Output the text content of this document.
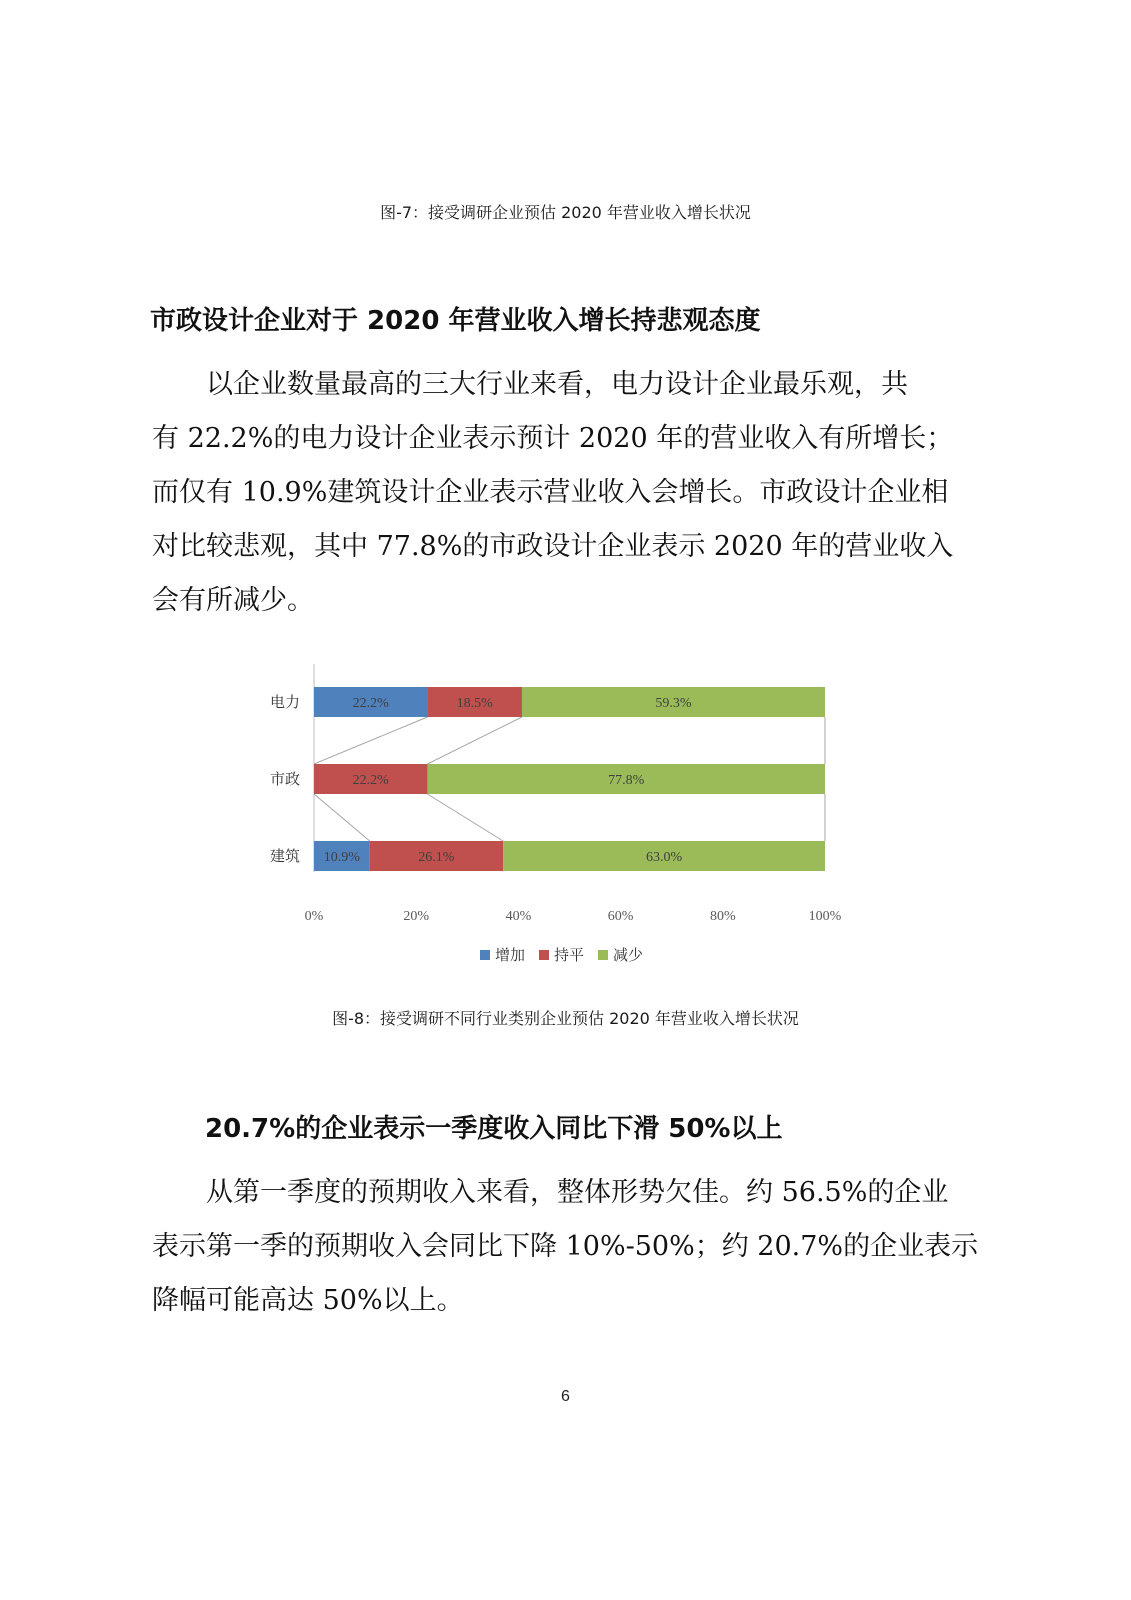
图-7：接受调研企业预估 2020 年营业收入增长状况
市政设计企业对于 2020 年营业收入增长持悲观态度
以企业数量最高的三大行业来看，电力设计企业最乐观，共
有 22.2%的电力设计企业表示预计 2020 年的营业收入有所增长；
而仅有 10.9%建筑设计企业表示营业收入会增长。市政设计企业相
对比较悲观，其中 77.8%的市政设计企业表示 2020 年的营业收入
会有所减少。
电力	22.2%	18.5%	59.3%
市政	22.2%	77.8%
建筑 10.9%	26.1%	63.0%
0%	20%	40%	60%	80%	100%
增加 持平 减少
图-8：接受调研不同行业类别企业预估 2020 年营业收入增长状况
20.7%的企业表示一季度收入同比下滑 50%以上
从第一季度的预期收入来看，整体形势欠佳。约 56.5%的企业
表示第一季的预期收入会同比下降 10%-50%；约 20.7%的企业表示
降幅可能高达 50%以上。
6
